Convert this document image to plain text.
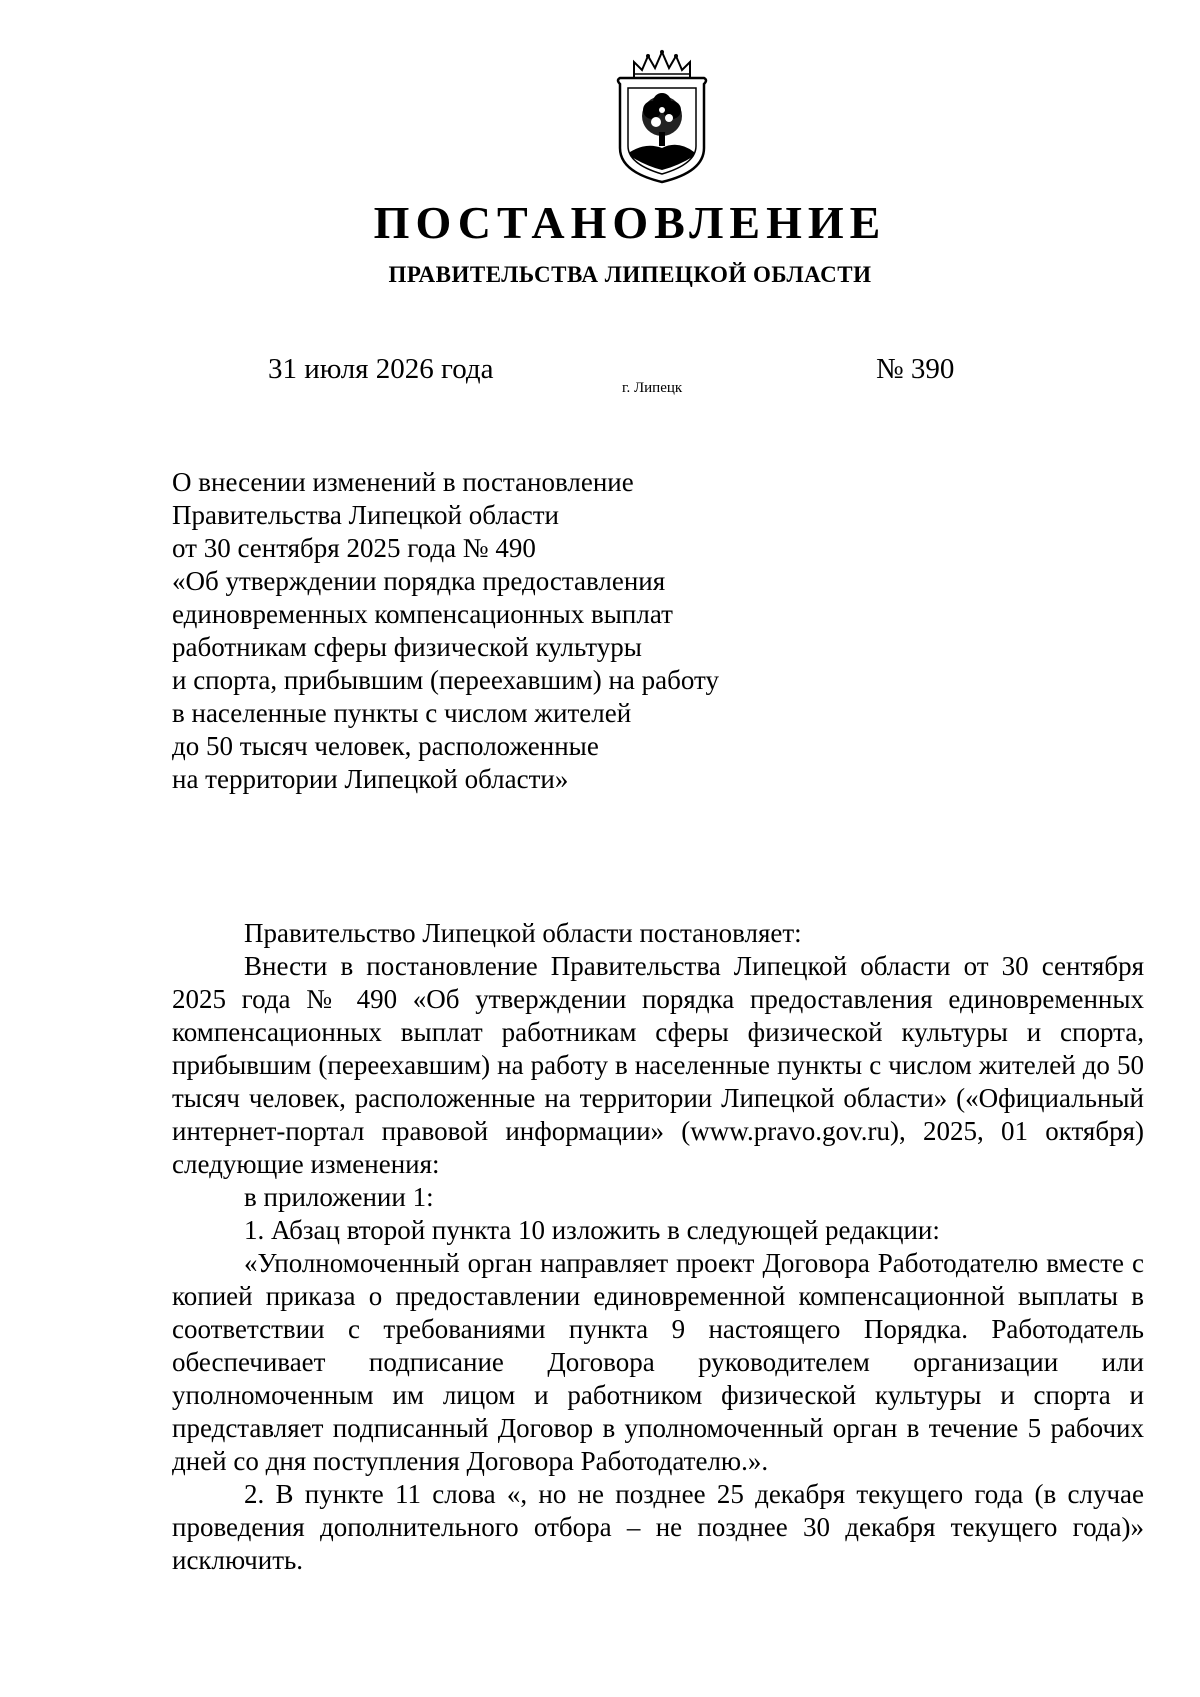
ПОСТАНОВЛЕНИЕ
ПРАВИТЕЛЬСТВА ЛИПЕЦКОЙ ОБЛАСТИ
31 июля 2026 года
г. Липецк
№ 390
О внесении изменений в постановление
Правительства Липецкой области
от 30 сентября 2025 года № 490
«Об утверждении порядка предоставления
единовременных компенсационных выплат
работникам сферы физической культуры
и спорта, прибывшим (переехавшим) на работу
в населенные пункты с числом жителей
до 50 тысяч человек, расположенные
на территории Липецкой области»

Правительство Липецкой области постановляет:

Внести в постановление Правительства Липецкой области от 30 сентября 2025 года № 490 «Об утверждении порядка предоставления единовременных компенсационных выплат работникам сферы физической культуры и спорта, прибывшим (переехавшим) на работу в населенные пункты с числом жителей до 50 тысяч человек, расположенные на территории Липецкой области» («Официальный интернет-портал правовой информации» (www.pravo.gov.ru), 2025, 01 октября) следующие изменения:

в приложении 1:

1. Абзац второй пункта 10 изложить в следующей редакции:

«Уполномоченный орган направляет проект Договора Работодателю вместе с копией приказа о предоставлении единовременной компенсационной выплаты в соответствии с требованиями пункта 9 настоящего Порядка. Работодатель обеспечивает подписание Договора руководителем организации или уполномоченным им лицом и работником физической культуры и спорта и представляет подписанный Договор в уполномоченный орган в течение 5 рабочих дней со дня поступления Договора Работодателю.».

2. В пункте 11 слова «, но не позднее 25 декабря текущего года (в случае проведения дополнительного отбора – не позднее 30 декабря текущего года)» исключить.
